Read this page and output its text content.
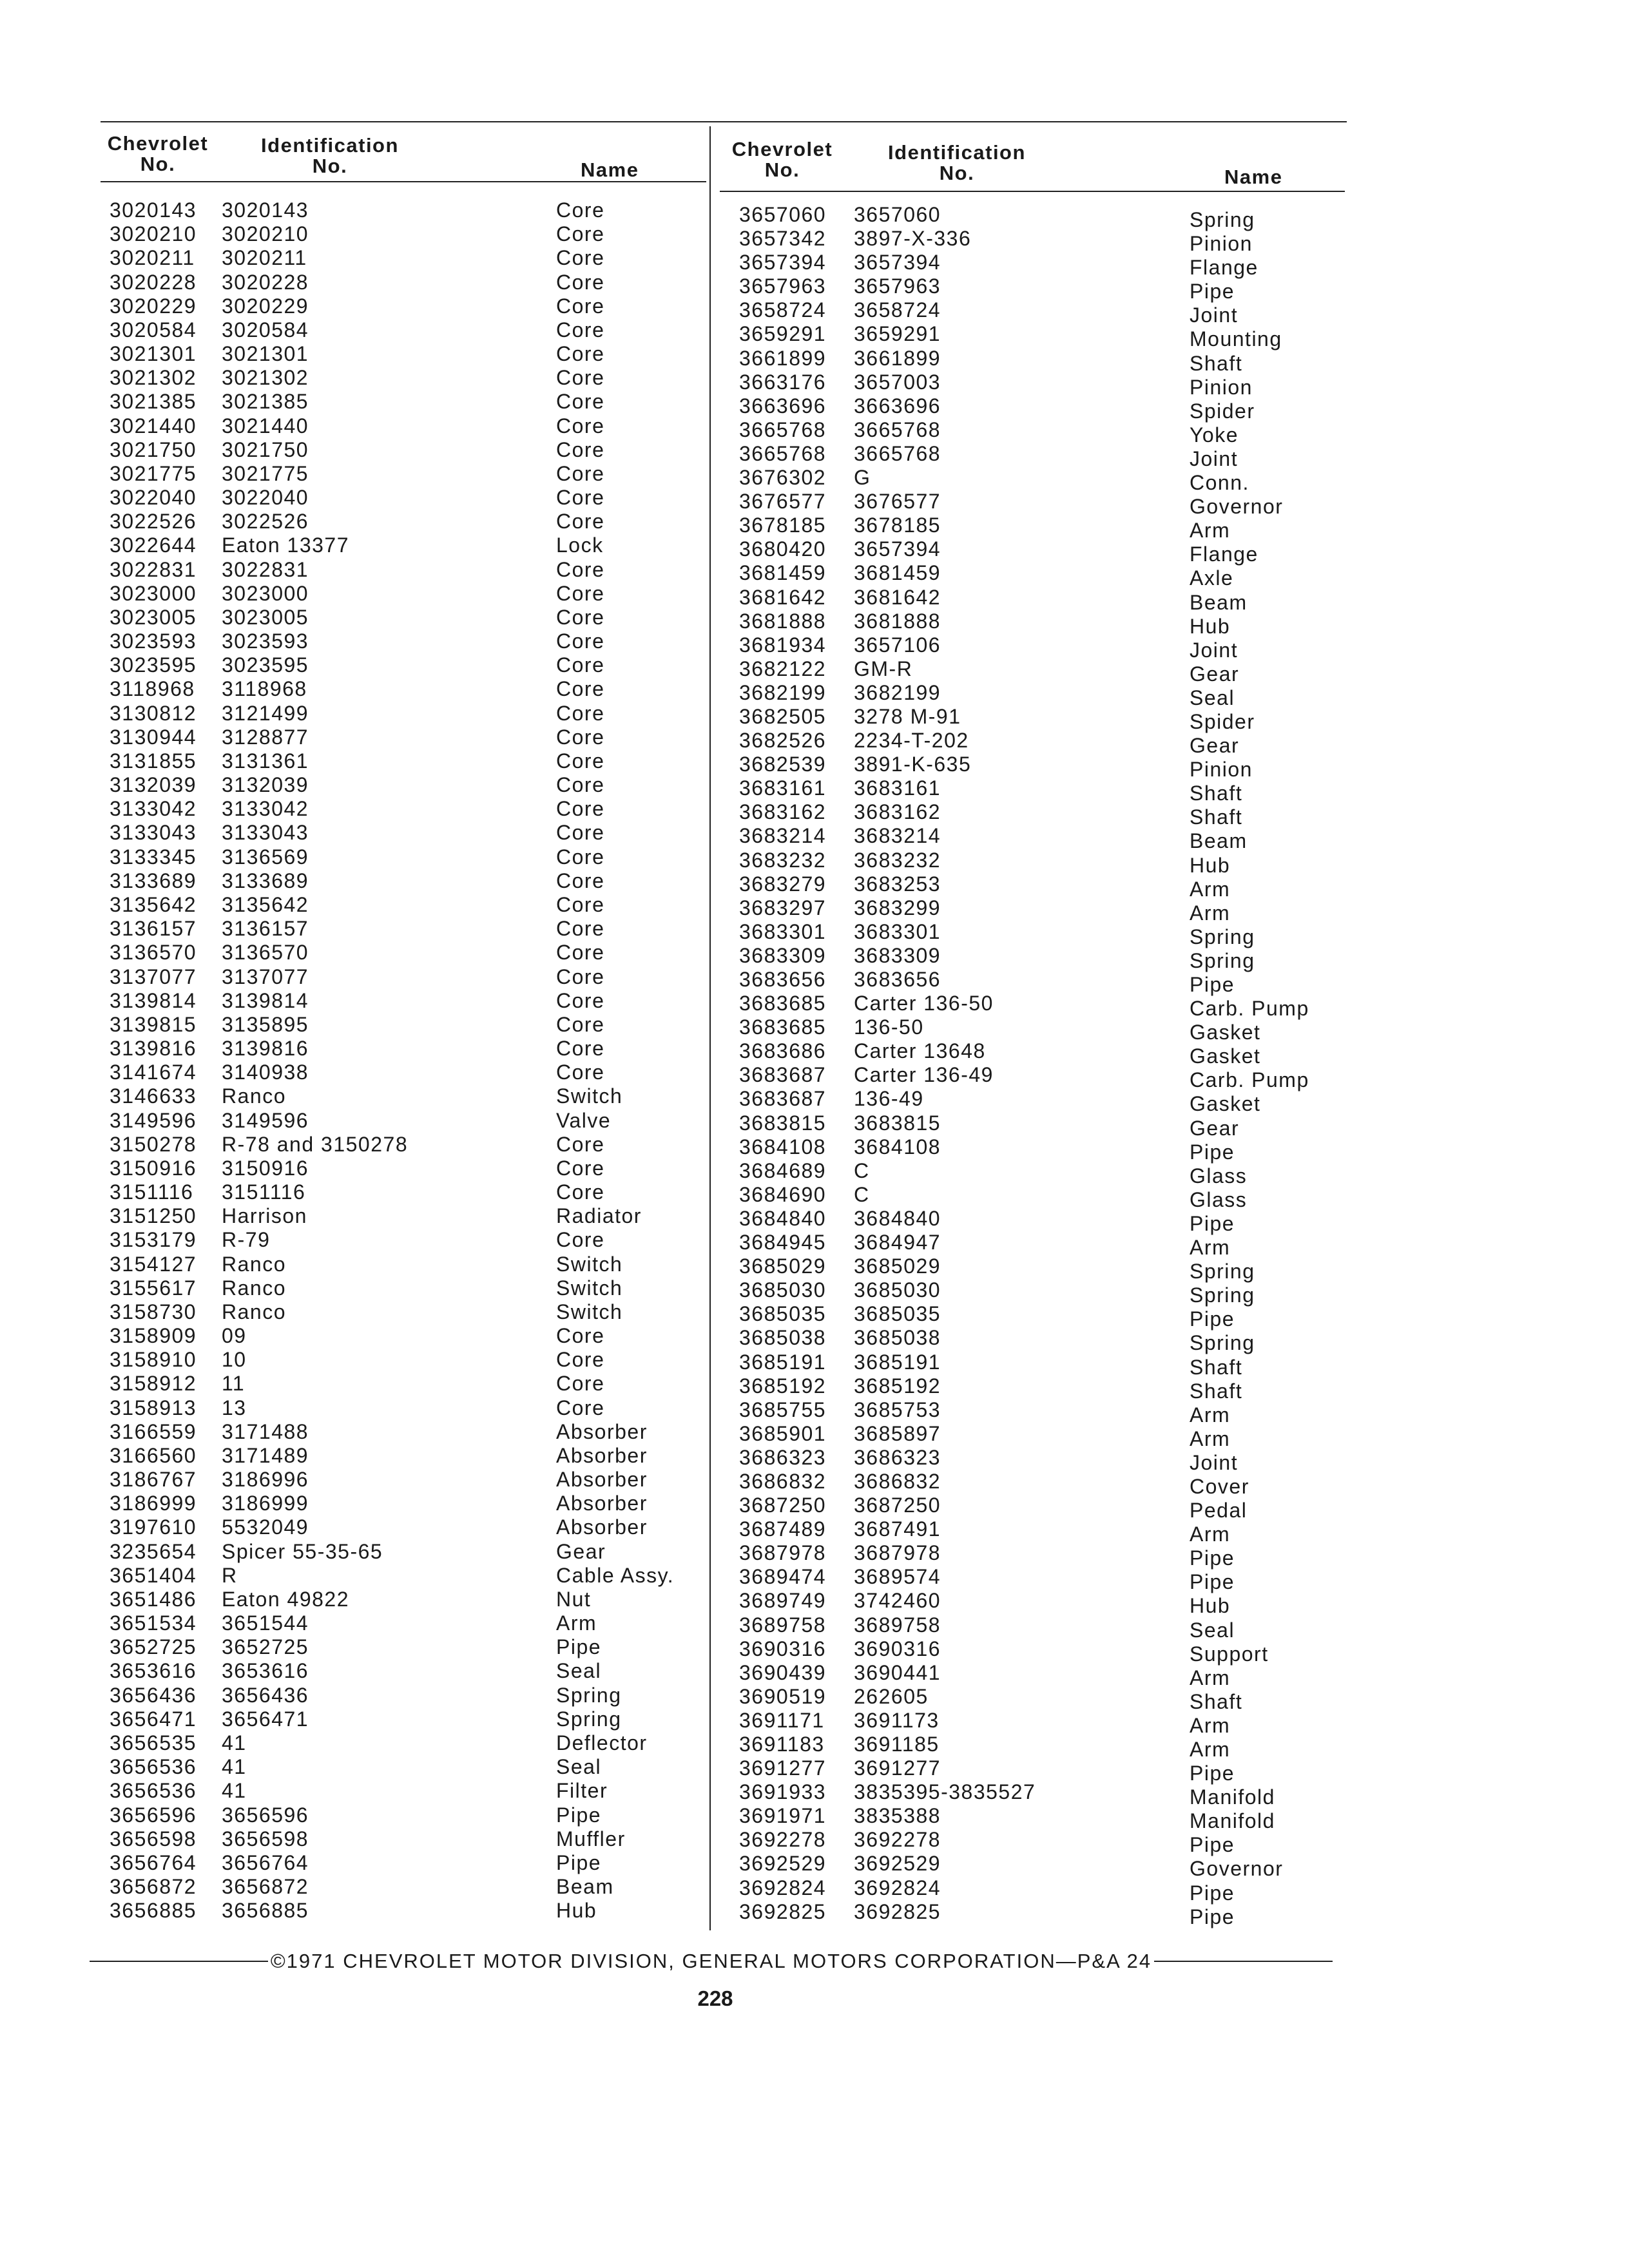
Chevrolet
No.
Identification
No.	Name
Chevrolet
No.
Identification
No.	Name
3020143 3020143	Core
3020210 3020210	Core
3020211 3020211	Core
3020228 3020228	Core
3020229 3020229	Core
3020584 3020584	Core
3021301 3021301	Core
3021302 3021302	Core
3021385 3021385	Core
3021440 3021440	Core
3021750 3021750	Core
3021775 3021775	Core
3022040 3022040	Core
3022526 3022526	Core
3022644 Eaton 13377	Lock
3022831 3022831	Core
3023000 3023000	Core
3023005 3023005	Core
3023593 3023593	Core
3023595 3023595	Core
3118968 3118968	Core
3130812 3121499	Core
3130944 3128877	Core
3131855 3131361	Core
3132039 3132039	Core
3133042 3133042	Core
3133043 3133043	Core
3133345 3136569	Core
3133689 3133689	Core
3135642 3135642	Core
3136157 3136157	Core
3136570 3136570	Core
3137077 3137077	Core
3139814 3139814	Core
3139815 3135895	Core
3139816 3139816	Core
3141674 3140938	Core
3146633 Ranco	Switch
3149596 3149596	Valve
3150278 R-78 and 3150278	Core
3150916 3150916	Core
3151116 3151116	Core
3151250 Harrison	Radiator
3153179 R-79	Core
3154127 Ranco	Switch
3155617 Ranco	Switch
3158730 Ranco	Switch
3158909 09	Core
3158910 10	Core
3158912 11	Core
3158913 13	Core
3166559 3171488	Absorber
3166560 3171489	Absorber
3186767 3186996	Absorber
3186999 3186999	Absorber
3197610 5532049	Absorber
3235654 Spicer 55-35-65	Gear
3651404 R	Cable Assy.
3651486 Eaton 49822	Nut
3651534 3651544	Arm
3652725 3652725	Pipe
3653616 3653616	Seal
3656436 3656436	Spring
3656471 3656471	Spring
3656535 41	Deflector
3656536 41	Seal
3656536 41	Filter
3656596 3656596	Pipe
3656598 3656598	Muffler
3656764 3656764	Pipe
3656872 3656872	Beam
3656885 3656885	Hub
3657060 3657060	Spring
3657342 3897-X-336	Pinion
3657394 3657394	Flange
3657963 3657963	Pipe
3658724 3658724	Joint
3659291 3659291	Mounting
3661899 3661899	Shaft
3663176 3657003	Pinion
3663696 3663696	Spider
3665768 3665768	Yoke
3665768 3665768	Joint
3676302 G	Conn.
3676577 3676577	Governor
3678185 3678185	Arm
3680420 3657394	Flange
3681459 3681459	Axle
3681642 3681642	Beam
3681888 3681888	Hub
3681934 3657106	Joint
3682122 GM-R	Gear
3682199 3682199	Seal
3682505 3278 M-91	Spider
3682526 2234-T-202	Gear
3682539 3891-K-635	Pinion
3683161 3683161	Shaft
3683162 3683162	Shaft
3683214 3683214	Beam
3683232 3683232	Hub
3683279 3683253	Arm
3683297 3683299	Arm
3683301 3683301	Spring
3683309 3683309	Spring
3683656 3683656	Pipe
3683685 Carter 136-50	Carb. Pump
3683685 136-50	Gasket
3683686 Carter 13648	Gasket
3683687 Carter 136-49	Carb. Pump
3683687 136-49	Gasket
3683815 3683815	Gear
3684108 3684108	Pipe
3684689 C	Glass
3684690 C	Glass
3684840 3684840	Pipe
3684945 3684947	Arm
3685029 3685029	Spring
3685030 3685030	Spring
3685035 3685035	Pipe
3685038 3685038	Spring
3685191 3685191	Shaft
3685192 3685192	Shaft
3685755 3685753	Arm
3685901 3685897	Arm
3686323 3686323	Joint
3686832 3686832	Cover
3687250 3687250	Pedal
3687489 3687491	Arm
3687978 3687978	Pipe
3689474 3689574	Pipe
3689749 3742460	Hub
3689758 3689758	Seal
3690316 3690316	Support
3690439 3690441	Arm
3690519 262605	Shaft
3691171 3691173	Arm
3691183 3691185	Arm
3691277 3691277	Pipe
3691933 3835395-3835527	Manifold
3691971 3835388	Manifold
3692278 3692278	Pipe
3692529 3692529	Governor
3692824 3692824	Pipe
3692825 3692825	Pipe
©1971 CHEVROLET MOTOR DIVISION, GENERAL MOTORS CORPORATION—P&A 24
228
